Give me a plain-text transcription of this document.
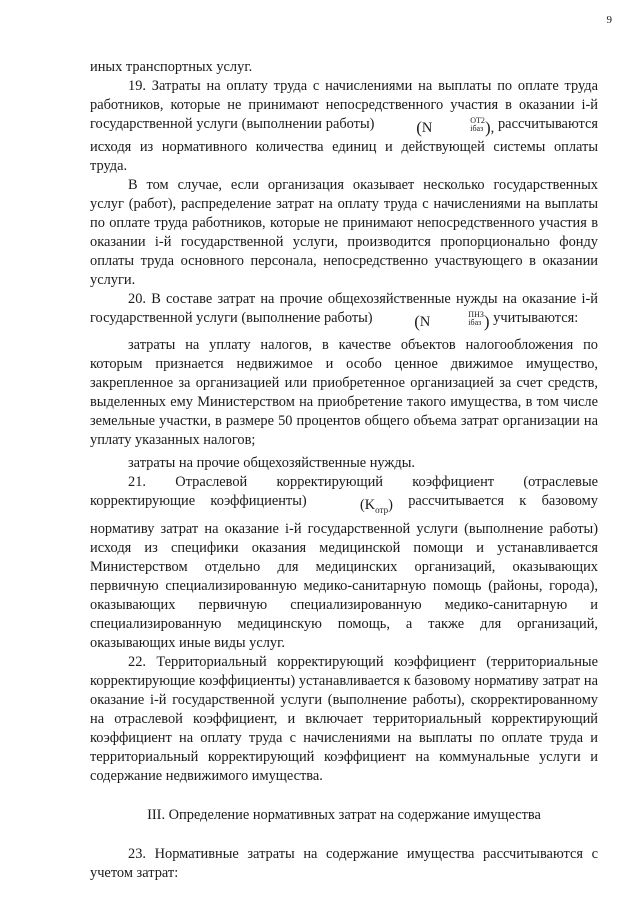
9

иных транспортных услуг.

19. Затраты на оплату труда с начислениями на выплаты по оплате труда работников, которые не принимают непосредственного участия в оказании i-й государственной услуги (выполнении работы) (N	ОТ2
iбаз ), рассчитываются исходя из нормативного количества единиц и действующей системы оплаты труда.

В том случае, если организация оказывает несколько государственных услуг (работ), распределение затрат на оплату труда с начислениями на выплаты по оплате труда работников, которые не принимают непосредственного участия в оказании i-й государственной услуги, производится пропорционально фонду оплаты труда основного персонала, непосредственно участвующего в оказании услуги.

20. В составе затрат на прочие общехозяйственные нужды на оказание i-й государственной услуги (выполнение работы) (N	ПНЗ
iбаз ) учитываются:

затраты на уплату налогов, в качестве объектов налогообложения по которым признается недвижимое и особо ценное движимое имущество, закрепленное за организацией или приобретенное организацией за счет средств, выделенных ему Министерством на приобретение такого имущества, в том числе земельные участки, в размере 50 процентов общего объема затрат организации на уплату указанных налогов;

затраты на прочие общехозяйственные нужды.

21. Отраслевой корректирующий коэффициент (отраслевые корректирующие коэффициенты)	$(K_{отр})$ рассчитывается к базовому нормативу затрат на оказание i-й государственной услуги (выполнение работы) исходя из специфики оказания медицинской помощи и устанавливается Министерством отдельно для медицинских организаций, оказывающих первичную специализированную медико-санитарную помощь (районы, города), оказывающих первичную специализированную медико-санитарную и специализированную медицинскую помощь, а также для организаций, оказывающих иные виды услуг.

22. Территориальный корректирующий коэффициент (территориальные корректирующие коэффициенты) устанавливается к базовому нормативу затрат на оказание i-й государственной услуги (выполнение работы), скорректированному на отраслевой коэффициент, и включает территориальный корректирующий коэффициент на оплату труда с начислениями на выплаты по оплате труда и территориальный корректирующий коэффициент на коммунальные услуги и содержание недвижимого имущества.

III. Определение нормативных затрат на содержание имущества

23. Нормативные затраты на содержание имущества рассчитываются с учетом затрат:
